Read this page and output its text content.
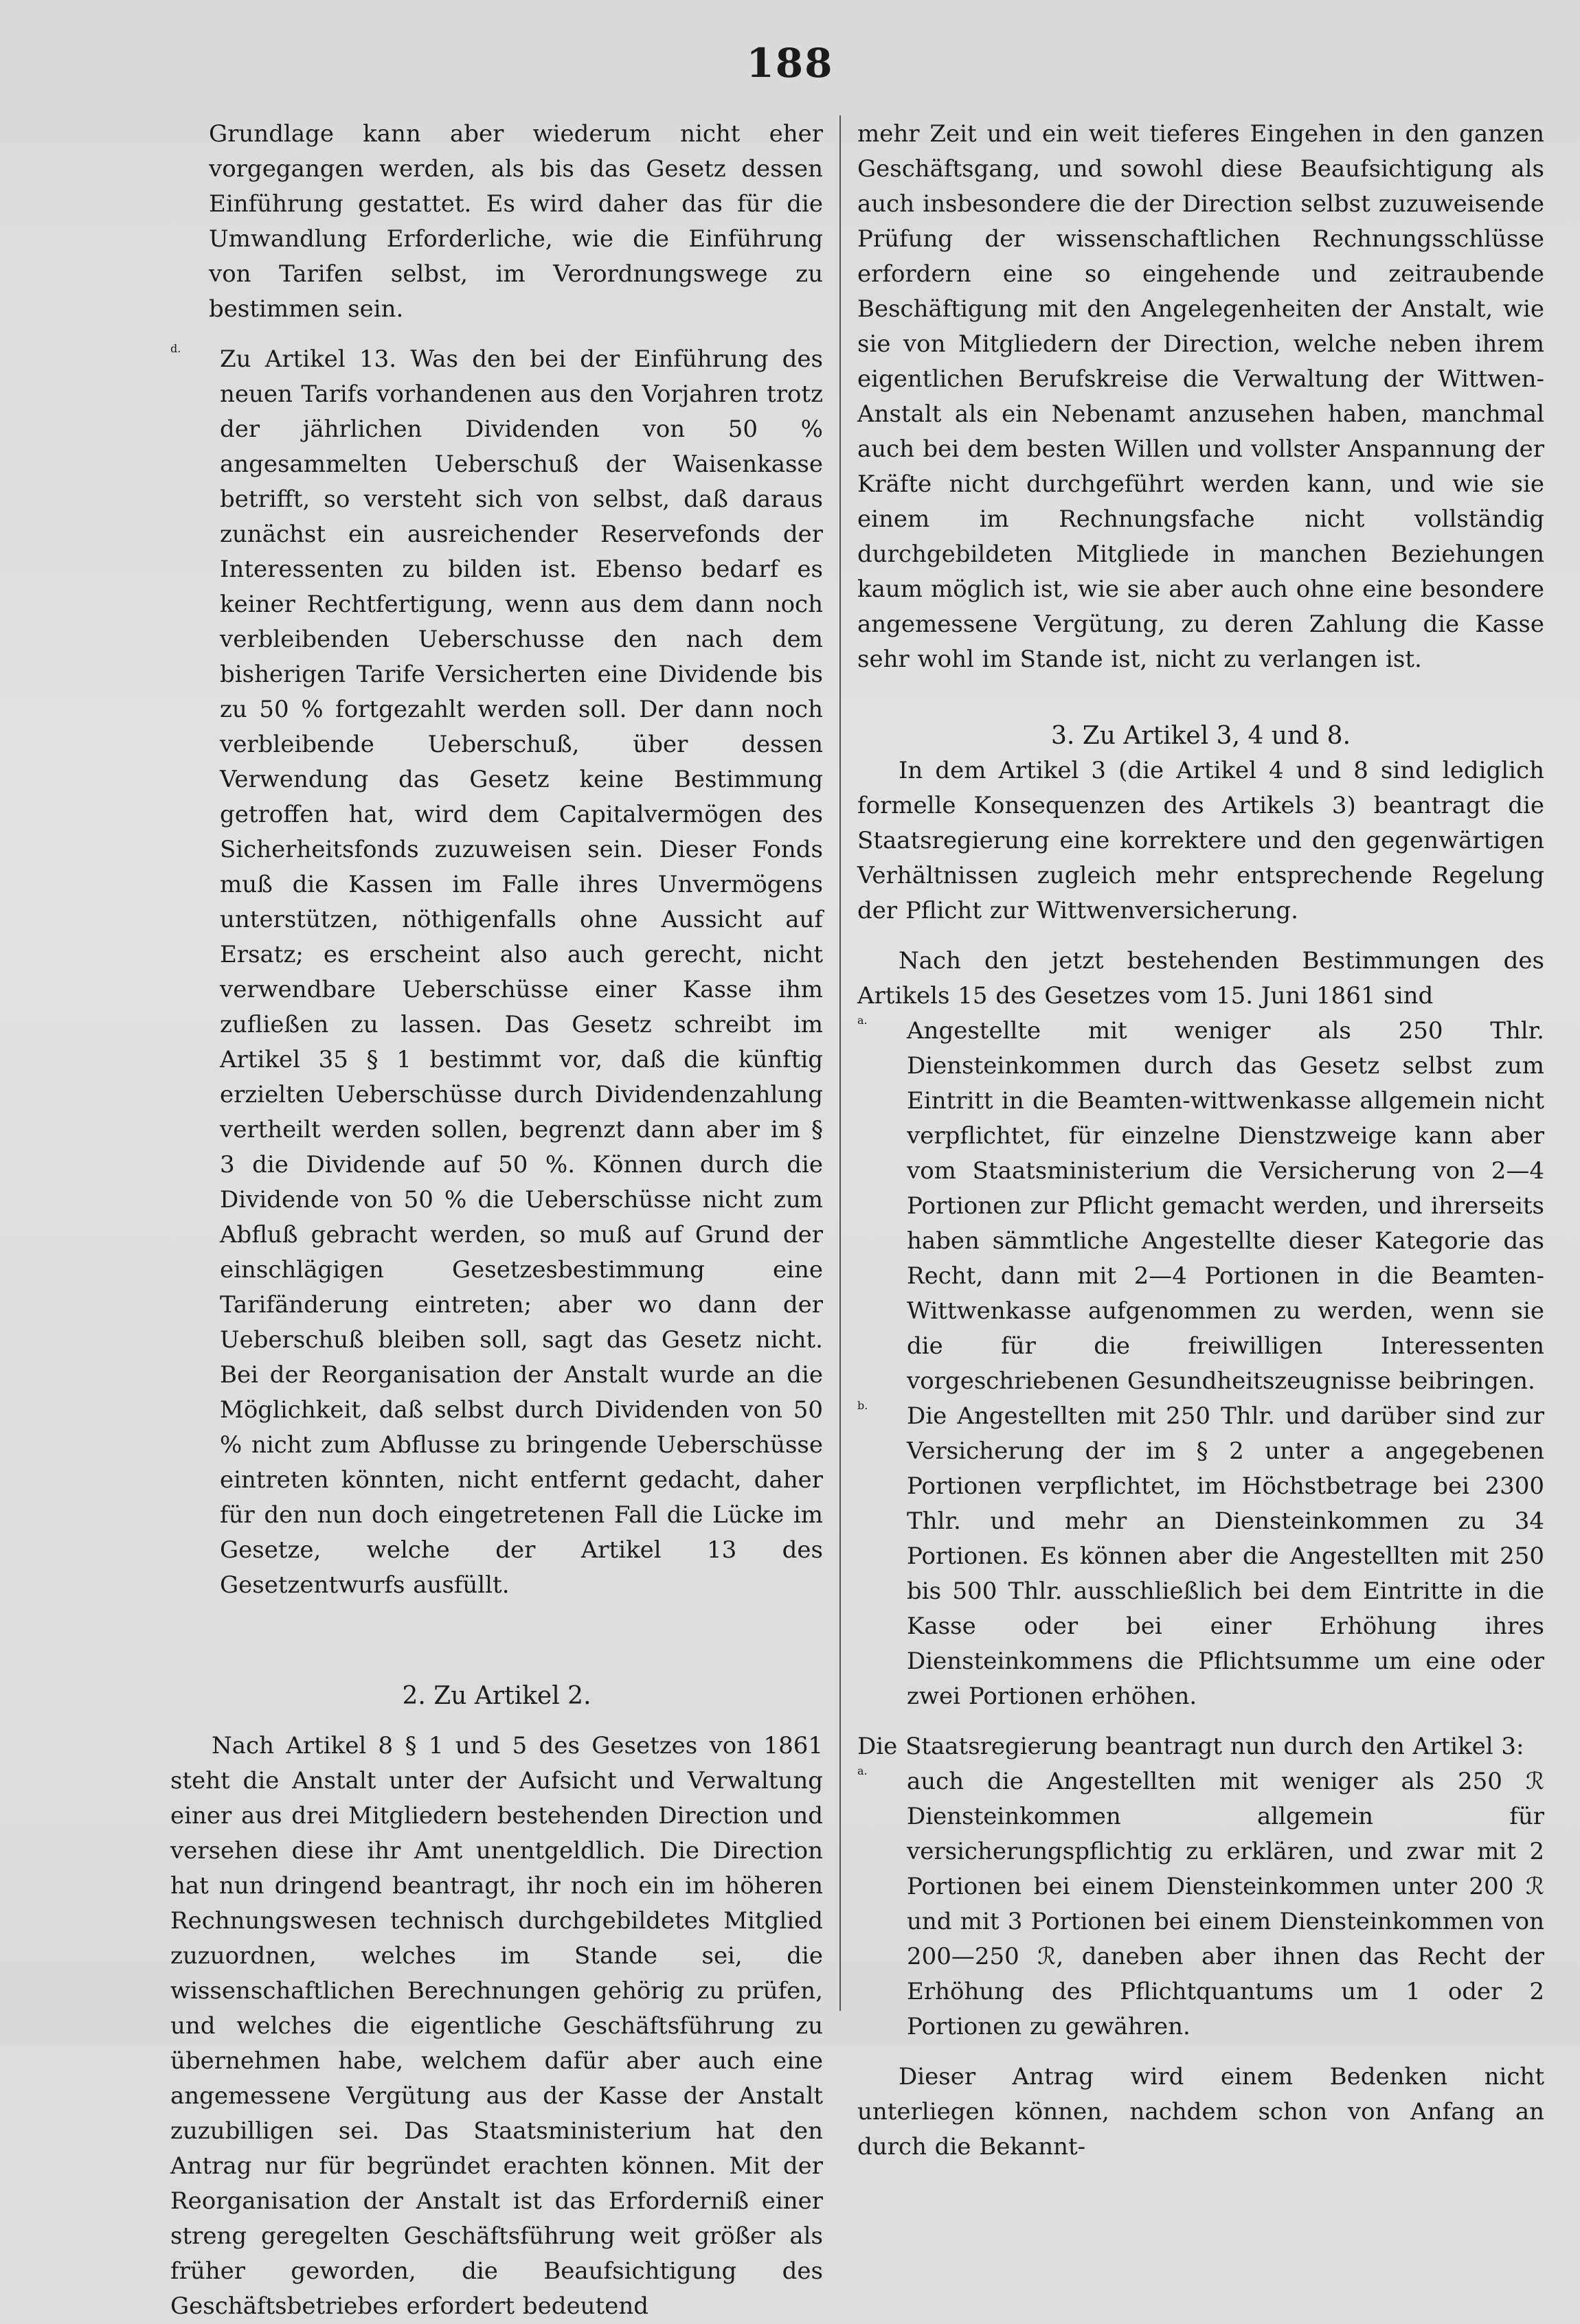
188

Grundlage kann aber wiederum nicht eher vorgegangen werden, als bis das Gesetz dessen Einführung gestattet. Es wird daher das für die Umwandlung Erforderliche, wie die Einführung von Tarifen selbst, im Verordnungswege zu bestimmen sein.

d. Zu Artikel 13. Was den bei der Einführung des neuen Tarifs vorhandenen aus den Vorjahren trotz der jährlichen Dividenden von 50 % angesammelten Ueberschuß der Waisenkasse betrifft, so versteht sich von selbst, daß daraus zunächst ein ausreichender Reservefonds der Interessenten zu bilden ist. Ebenso bedarf es keiner Rechtfertigung, wenn aus dem dann noch verbleibenden Ueberschusse den nach dem bisherigen Tarife Versicherten eine Dividende bis zu 50 % fortgezahlt werden soll. Der dann noch verbleibende Ueberschuß, über dessen Verwendung das Gesetz keine Bestimmung getroffen hat, wird dem Capitalvermögen des Sicherheitsfonds zuzuweisen sein. Dieser Fonds muß die Kassen im Falle ihres Unvermögens unterstützen, nöthigenfalls ohne Aussicht auf Ersatz; es erscheint also auch gerecht, nicht verwendbare Ueberschüsse einer Kasse ihm zufließen zu lassen. Das Gesetz schreibt im Artikel 35 § 1 bestimmt vor, daß die künftig erzielten Ueberschüsse durch Dividendenzahlung vertheilt werden sollen, begrenzt dann aber im § 3 die Dividende auf 50 %. Können durch die Dividende von 50 % die Ueberschüsse nicht zum Abfluß gebracht werden, so muß auf Grund der einschlägigen Gesetzesbestimmung eine Tarifänderung eintreten; aber wo dann der Ueberschuß bleiben soll, sagt das Gesetz nicht. Bei der Reorganisation der Anstalt wurde an die Möglichkeit, daß selbst durch Dividenden von 50 % nicht zum Abflusse zu bringende Ueberschüsse eintreten könnten, nicht entfernt gedacht, daher für den nun doch eingetretenen Fall die Lücke im Gesetze, welche der Artikel 13 des Gesetzentwurfs ausfüllt.

2. Zu Artikel 2.

Nach Artikel 8 § 1 und 5 des Gesetzes von 1861 steht die Anstalt unter der Aufsicht und Verwaltung einer aus drei Mitgliedern bestehenden Direction und versehen diese ihr Amt unentgeldlich. Die Direction hat nun dringend beantragt, ihr noch ein im höheren Rechnungswesen technisch durchgebildetes Mitglied zuzuordnen, welches im Stande sei, die wissenschaftlichen Berechnungen gehörig zu prüfen, und welches die eigentliche Geschäftsführung zu übernehmen habe, welchem dafür aber auch eine angemessene Vergütung aus der Kasse der Anstalt zuzubilligen sei. Das Staatsministerium hat den Antrag nur für begründet erachten können. Mit der Reorganisation der Anstalt ist das Erforderniß einer streng geregelten Geschäftsführung weit größer als früher geworden, die Beaufsichtigung des Geschäftsbetriebes erfordert bedeutend

mehr Zeit und ein weit tieferes Eingehen in den ganzen Geschäftsgang, und sowohl diese Beaufsichtigung als auch insbesondere die der Direction selbst zuzuweisende Prüfung der wissenschaftlichen Rechnungsschlüsse erfordern eine so eingehende und zeitraubende Beschäftigung mit den Angelegenheiten der Anstalt, wie sie von Mitgliedern der Direction, welche neben ihrem eigentlichen Berufskreise die Verwaltung der Wittwen-Anstalt als ein Nebenamt anzusehen haben, manchmal auch bei dem besten Willen und vollster Anspannung der Kräfte nicht durchgeführt werden kann, und wie sie einem im Rechnungsfache nicht vollständig durchgebildeten Mitgliede in manchen Beziehungen kaum möglich ist, wie sie aber auch ohne eine besondere angemessene Vergütung, zu deren Zahlung die Kasse sehr wohl im Stande ist, nicht zu verlangen ist.

3. Zu Artikel 3, 4 und 8.

In dem Artikel 3 (die Artikel 4 und 8 sind lediglich formelle Konsequenzen des Artikels 3) beantragt die Staatsregierung eine korrektere und den gegenwärtigen Verhältnissen zugleich mehr entsprechende Regelung der Pflicht zur Wittwenversicherung.

Nach den jetzt bestehenden Bestimmungen des Artikels 15 des Gesetzes vom 15. Juni 1861 sind

a. Angestellte mit weniger als 250 Thlr. Diensteinkommen durch das Gesetz selbst zum Eintritt in die Beamten-wittwenkasse allgemein nicht verpflichtet, für einzelne Dienstzweige kann aber vom Staatsministerium die Versicherung von 2—4 Portionen zur Pflicht gemacht werden, und ihrerseits haben sämmtliche Angestellte dieser Kategorie das Recht, dann mit 2—4 Portionen in die Beamten-Wittwenkasse aufgenommen zu werden, wenn sie die für die freiwilligen Interessenten vorgeschriebenen Gesundheitszeugnisse beibringen.

b. Die Angestellten mit 250 Thlr. und darüber sind zur Versicherung der im § 2 unter a angegebenen Portionen verpflichtet, im Höchstbetrage bei 2300 Thlr. und mehr an Diensteinkommen zu 34 Portionen. Es können aber die Angestellten mit 250 bis 500 Thlr. ausschließlich bei dem Eintritte in die Kasse oder bei einer Erhöhung ihres Diensteinkommens die Pflichtsumme um eine oder zwei Portionen erhöhen.

Die Staatsregierung beantragt nun durch den Artikel 3:

a. auch die Angestellten mit weniger als 250 ℛ Diensteinkommen allgemein für versicherungspflichtig zu erklären, und zwar mit 2 Portionen bei einem Diensteinkommen unter 200 ℛ und mit 3 Portionen bei einem Diensteinkommen von 200—250 ℛ, daneben aber ihnen das Recht der Erhöhung des Pflichtquantums um 1 oder 2 Portionen zu gewähren.

Dieser Antrag wird einem Bedenken nicht unterliegen können, nachdem schon von Anfang an durch die Bekannt-
